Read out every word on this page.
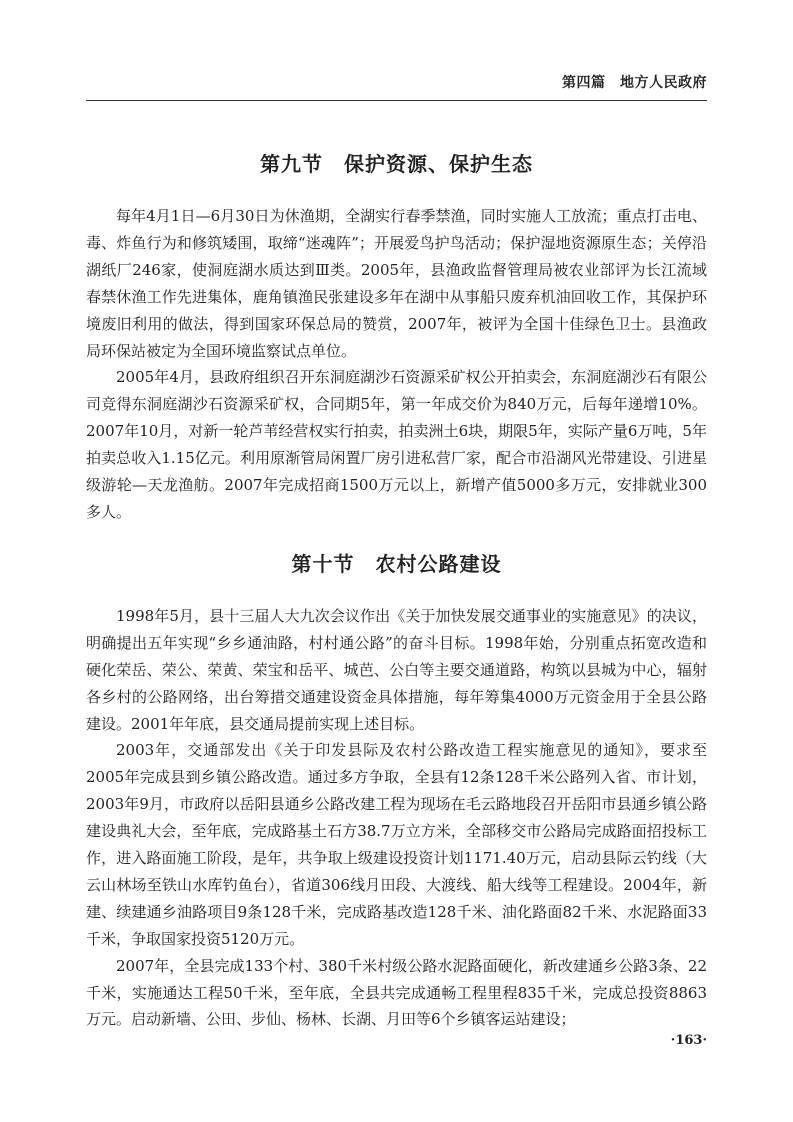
第四篇　地方人民政府
第九节　保护资源、保护生态

每年4月1日—6月30日为休渔期，全湖实行春季禁渔，同时实施人工放流；重点打击电、毒、炸鱼行为和修筑矮围，取缔“迷魂阵”；开展爱鸟护鸟活动；保护湿地资源原生态；关停沿湖纸厂246家，使洞庭湖水质达到Ⅲ类。2005年，县渔政监督管理局被农业部评为长江流域春禁休渔工作先进集体，鹿角镇渔民张建设多年在湖中从事船只废弃机油回收工作，其保护环境废旧利用的做法，得到国家环保总局的赞赏，2007年，被评为全国十佳绿色卫士。县渔政局环保站被定为全国环境监察试点单位。

2005年4月，县政府组织召开东洞庭湖沙石资源采矿权公开拍卖会，东洞庭湖沙石有限公司竞得东洞庭湖沙石资源采矿权，合同期5年，第一年成交价为840万元，后每年递增10%。2007年10月，对新一轮芦苇经营权实行拍卖，拍卖洲土6块，期限5年，实际产量6万吨，5年拍卖总收入1.15亿元。利用原渐管局闲置厂房引进私营厂家，配合市沿湖风光带建设、引进星级游轮—天龙渔舫。2007年完成招商1500万元以上，新增产值5000多万元，安排就业300多人。

第十节　农村公路建设

1998年5月，县十三届人大九次会议作出《关于加快发展交通事业的实施意见》的决议，明确提出五年实现“乡乡通油路，村村通公路”的奋斗目标。1998年始，分别重点拓宽改造和硬化荣岳、荣公、荣黄、荣宝和岳平、城芭、公白等主要交通道路，构筑以县城为中心，辐射各乡村的公路网络，出台筹措交通建设资金具体措施，每年筹集4000万元资金用于全县公路建设。2001年年底，县交通局提前实现上述目标。

2003年，交通部发出《关于印发县际及农村公路改造工程实施意见的通知》，要求至2005年完成县到乡镇公路改造。通过多方争取，全县有12条128千米公路列入省、市计划，2003年9月，市政府以岳阳县通乡公路改建工程为现场在毛云路地段召开岳阳市县通乡镇公路建设典礼大会，至年底，完成路基土石方38.7万立方米，全部移交市公路局完成路面招投标工作，进入路面施工阶段，是年，共争取上级建设投资计划1171.40万元，启动县际云钓线（大云山林场至铁山水库钓鱼台），省道306线月田段、大渡线、船大线等工程建设。2004年，新建、续建通乡油路项目9条128千米，完成路基改造128千米、油化路面82千米、水泥路面33千米，争取国家投资5120万元。

2007年，全县完成133个村、380千米村级公路水泥路面硬化，新改建通乡公路3条、22千米，实施通达工程50千米，至年底，全县共完成通畅工程里程835千米，完成总投资8863万元。启动新墙、公田、步仙、杨林、长湖、月田等6个乡镇客运站建设；

·163·
